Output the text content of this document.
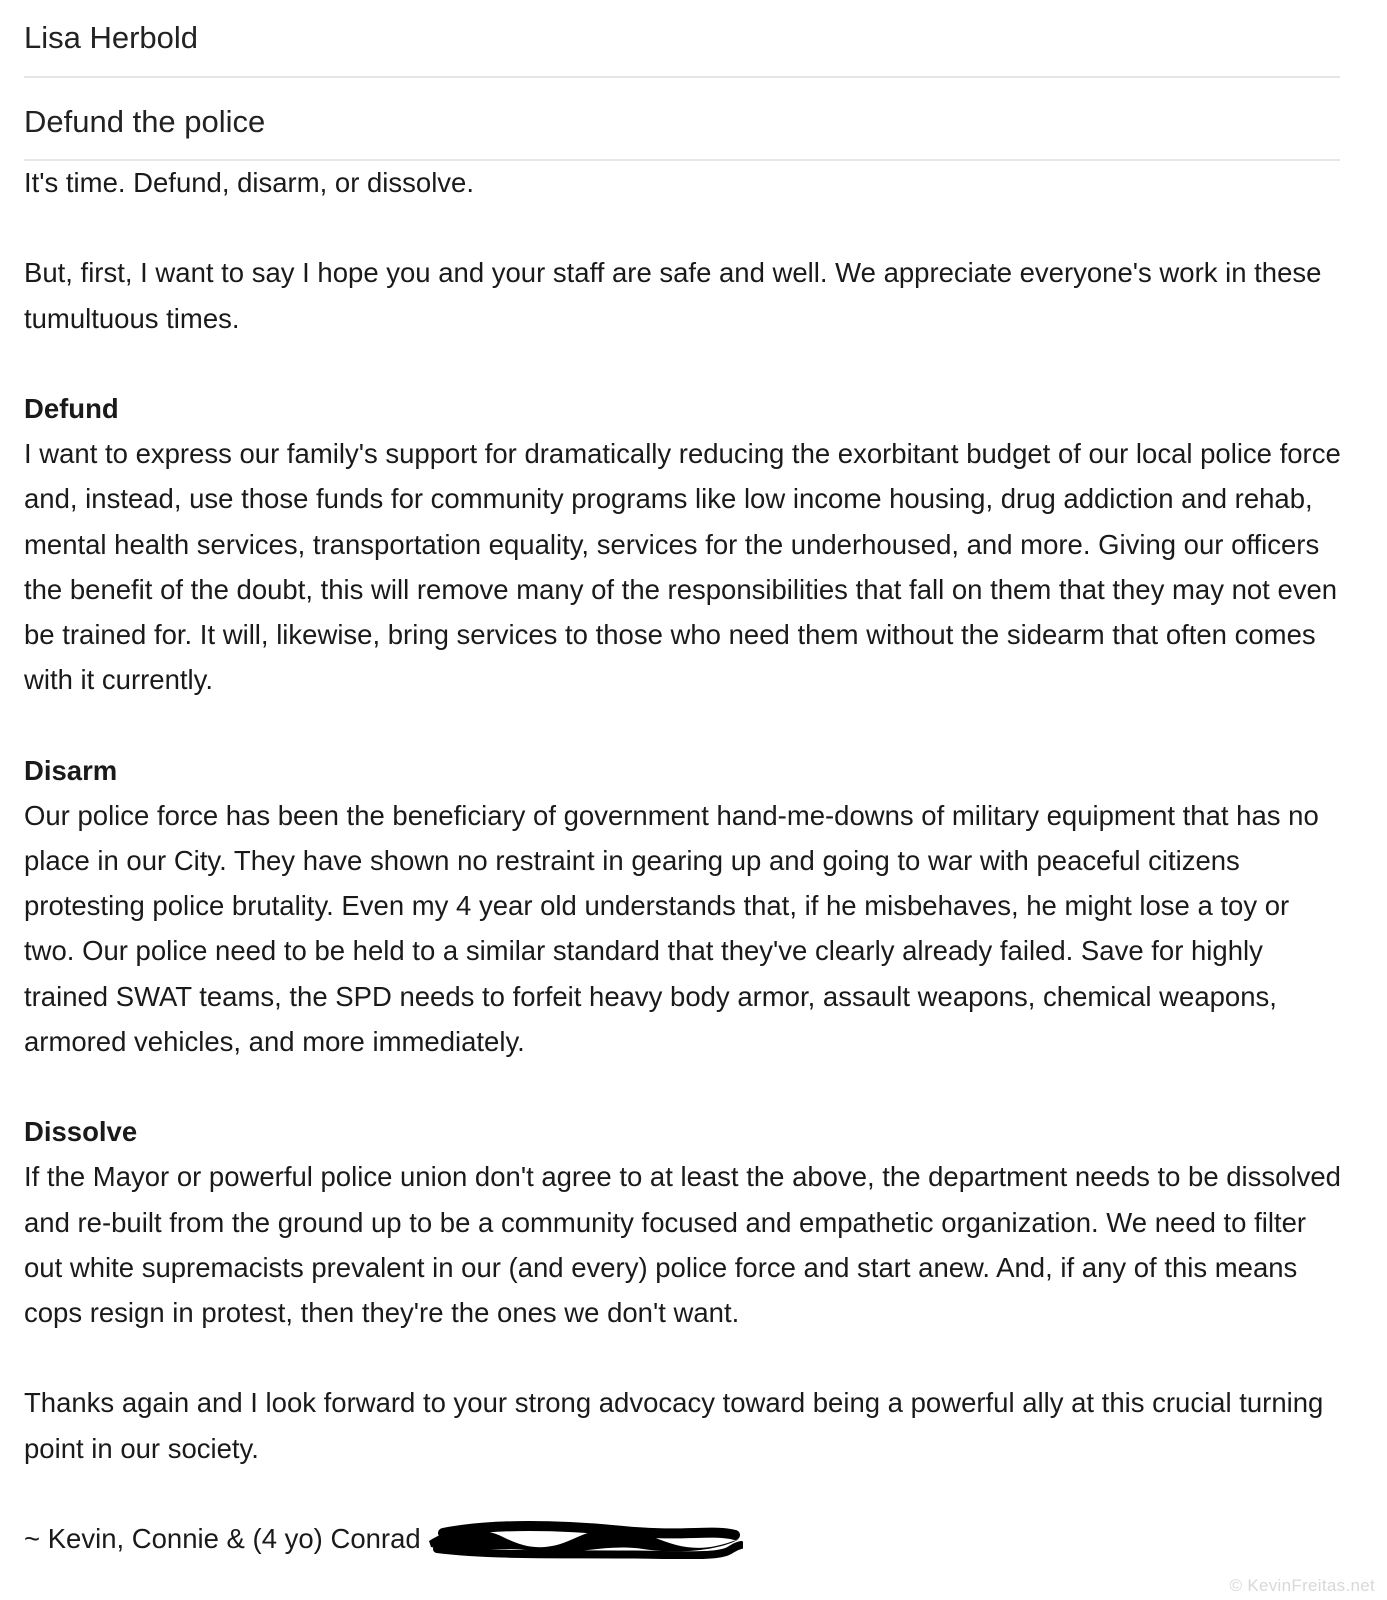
Lisa Herbold
Defund the police

It's time. Defund, disarm, or dissolve.

But, first, I want to say I hope you and your staff are safe and well. We appreciate everyone's work in these tumultuous times.

Defund

I want to express our family's support for dramatically reducing the exorbitant budget of our local police force and, instead, use those funds for community programs like low income housing, drug addiction and rehab, mental health services, transportation equality, services for the underhoused, and more. Giving our officers the benefit of the doubt, this will remove many of the responsibilities that fall on them that they may not even be trained for. It will, likewise, bring services to those who need them without the sidearm that often comes with it currently.

Disarm

Our police force has been the beneficiary of government hand-me-downs of military equipment that has no place in our City. They have shown no restraint in gearing up and going to war with peaceful citizens protesting police brutality. Even my 4 year old understands that, if he misbehaves, he might lose a toy or two. Our police need to be held to a similar standard that they've clearly already failed. Save for highly trained SWAT teams, the SPD needs to forfeit heavy body armor, assault weapons, chemical weapons, armored vehicles, and more immediately.

Dissolve

If the Mayor or powerful police union don't agree to at least the above, the department needs to be dissolved and re-built from the ground up to be a community focused and empathetic organization. We need to filter out white supremacists prevalent in our (and every) police force and start anew. And, if any of this means cops resign in protest, then they're the ones we don't want.

Thanks again and I look forward to your strong advocacy toward being a powerful ally at this crucial turning point in our society.

~ Kevin, Connie & (4 yo) Conrad

© KevinFreitas.net
